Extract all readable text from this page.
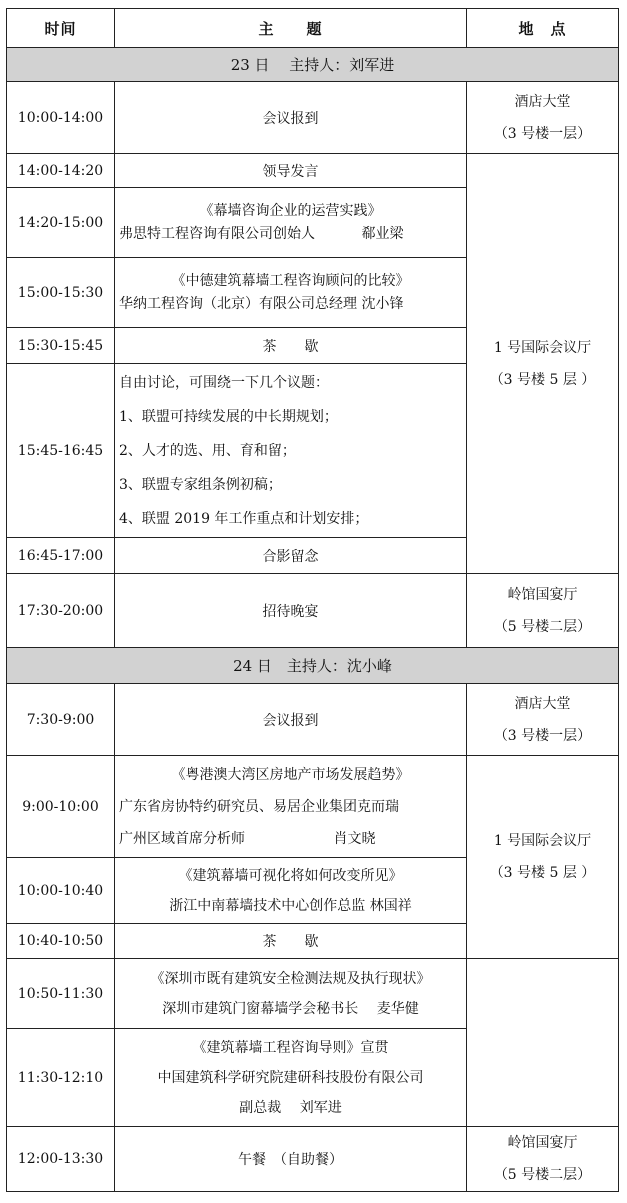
时间	主　　题	地　点
23 日　 主持人：刘军进		
10:00-14:00	会议报到	酒店大堂
（3 号楼一层）

14:00-14:20	领导发言	1 号国际会议厅
（3 号楼 5 层 ）

14:20-15:00	《幕墙咨询企业的运营实践》
弗思特工程咨询有限公司创始人　　　 郗业梁	

15:00-15:30	《中德建筑幕墙工程咨询顾问的比较》
华纳工程咨询（北京）有限公司总经理 沈小锋	

15:30-15:45	茶　　歇	
15:45-16:45	自由讨论，可围绕一下几个议题：
1、联盟可持续发展的中长期规划；
2、人才的选、用、育和留；
3、联盟专家组条例初稿；
4、联盟 2019 年工作重点和计划安排；	

16:45-17:00	合影留念	
17:30-20:00	招待晚宴	岭馆国宴厅
（5 号楼二层）

24 日　主持人：沈小峰		
7:30-9:00	会议报到	酒店大堂
（3 号楼一层）

9:00-10:00	《粤港澳大湾区房地产市场发展趋势》
广东省房协特约研究员、易居企业集团克而瑞
广州区域首席分析师　　　　　　 肖文晓	1 号国际会议厅
（3 号楼 5 层 ）

10:00-10:40	《建筑幕墙可视化将如何改变所见》
浙江中南幕墙技术中心创作总监 林国祥	

10:40-10:50	茶　　歇	
10:50-11:30	《深圳市既有建筑安全检测法规及执行现状》
深圳市建筑门窗幕墙学会秘书长　 麦华健	

11:30-12:10	《建筑幕墙工程咨询导则》宣贯
中国建筑科学研究院建研科技股份有限公司
副总裁　 刘军进	

12:00-13:30	午餐　（自助餐）	岭馆国宴厅
（5 号楼二层）
